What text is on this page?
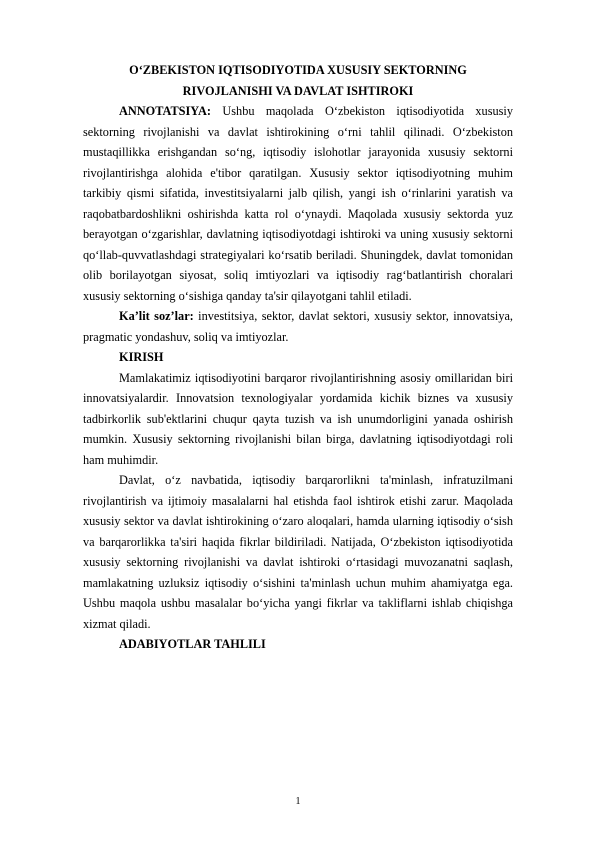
O‘ZBEKISTON IQTISODIYOTIDA XUSUSIY SEKTORNING

RIVOJLANISHI VA DAVLAT ISHTIROKI

ANNOTATSIYA: Ushbu maqolada O‘zbekiston iqtisodiyotida xususiy sektorning rivojlanishi va davlat ishtirokining o‘rni tahlil qilinadi. O‘zbekiston mustaqillikka erishgandan so‘ng, iqtisodiy islohotlar jarayonida xususiy sektorni rivojlantirishga alohida e'tibor qaratilgan. Xususiy sektor iqtisodiyotning muhim tarkibiy qismi sifatida, investitsiyalarni jalb qilish, yangi ish o‘rinlarini yaratish va raqobatbardoshlikni oshirishda katta rol o‘ynaydi. Maqolada xususiy sektorda yuz berayotgan o‘zgarishlar, davlatning iqtisodiyotdagi ishtiroki va uning xususiy sektorni qo‘llab-quvvatlashdagi strategiyalari ko‘rsatib beriladi. Shuningdek, davlat tomonidan olib borilayotgan siyosat, soliq imtiyozlari va iqtisodiy rag‘batlantirish choralari xususiy sektorning o‘sishiga qanday ta'sir qilayotgani tahlil etiladi.

Ka’lit soz’lar: investitsiya, sektor, davlat sektori, xususiy sektor, innovatsiya, pragmatic yondashuv, soliq va imtiyozlar.

KIRISH

Mamlakatimiz iqtisodiyotini barqaror rivojlantirishning asosiy omillaridan biri innovatsiyalardir. Innovatsion texnologiyalar yordamida kichik biznes va xususiy tadbirkorlik sub'ektlarini chuqur qayta tuzish va ish unumdorligini yanada oshirish mumkin. Xususiy sektorning rivojlanishi bilan birga, davlatning iqtisodiyotdagi roli ham muhimdir.

Davlat, o‘z navbatida, iqtisodiy barqarorlikni ta'minlash, infratuzilmani rivojlantirish va ijtimoiy masalalarni hal etishda faol ishtirok etishi zarur. Maqolada xususiy sektor va davlat ishtirokining o‘zaro aloqalari, hamda ularning iqtisodiy o‘sish va barqarorlikka ta'siri haqida fikrlar bildiriladi. Natijada, O‘zbekiston iqtisodiyotida xususiy sektorning rivojlanishi va davlat ishtiroki o‘rtasidagi muvozanatni saqlash, mamlakatning uzluksiz iqtisodiy o‘sishini ta'minlash uchun muhim ahamiyatga ega. Ushbu maqola ushbu masalalar bo‘yicha yangi fikrlar va takliflarni ishlab chiqishga xizmat qiladi.

ADABIYOTLAR TAHLILI

1
